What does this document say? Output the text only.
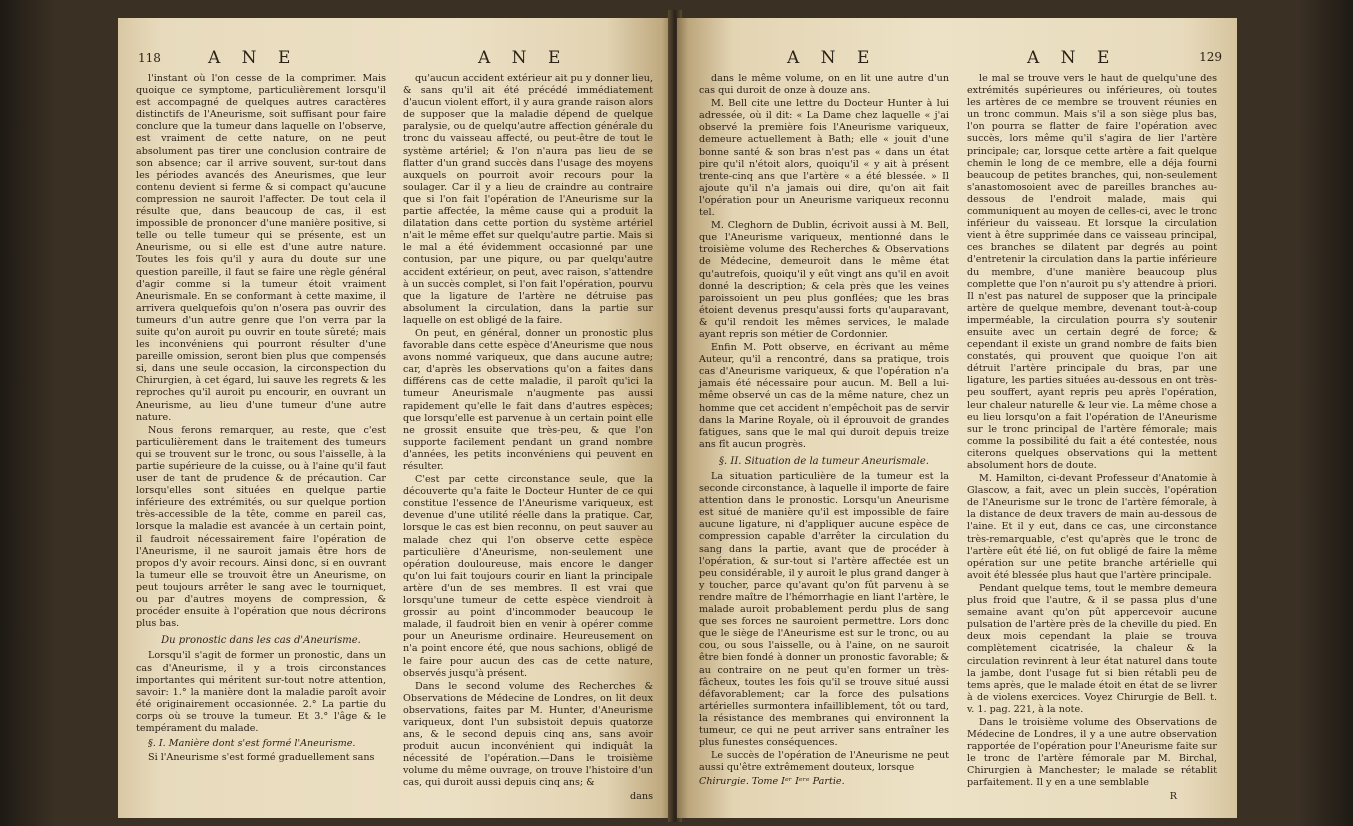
118	A N E	A N E

l'instant où l'on cesse de la comprimer. Mais quoique ce symptome, particulièrement lorsqu'il est accompagné de quelques autres caractères distinctifs de l'Aneurisme, soit suffisant pour faire conclure que la tumeur dans laquelle on l'observe, est vraiment de cette nature, on ne peut absolument pas tirer une conclusion contraire de son absence; car il arrive souvent, sur-tout dans les périodes avancés des Aneurismes, que leur contenu devient si ferme & si compact qu'aucune compression ne sauroit l'affecter. De tout cela il résulte que, dans beaucoup de cas, il est impossible de prononcer d'une manière positive, si telle ou telle tumeur qui se présente, est un Aneurisme, ou si elle est d'une autre nature. Toutes les fois qu'il y aura du doute sur une question pareille, il faut se faire une règle général d'agir comme si la tumeur étoit vraiment Aneurismale. En se conformant à cette maxime, il arrivera quelquefois qu'on n'osera pas ouvrir des tumeurs d'un autre genre que l'on verra par la suite qu'on auroit pu ouvrir en toute sûreté; mais les inconvéniens qui pourront résulter d'une pareille omission, seront bien plus que compensés si, dans une seule occasion, la circonspection du Chirurgien, à cet égard, lui sauve les regrets & les reproches qu'il auroit pu encourir, en ouvrant un Aneurisme, au lieu d'une tumeur d'une autre nature.

Nous ferons remarquer, au reste, que c'est particulièrement dans le traitement des tumeurs qui se trouvent sur le tronc, ou sous l'aisselle, à la partie supérieure de la cuisse, ou à l'aine qu'il faut user de tant de prudence & de précaution. Car lorsqu'elles sont situées en quelque partie inférieure des extrémités, ou sur quelque portion très-accessible de la tête, comme en pareil cas, lorsque la maladie est avancée à un certain point, il faudroit nécessairement faire l'opération de l'Aneurisme, il ne sauroit jamais être hors de propos d'y avoir recours. Ainsi donc, si en ouvrant la tumeur elle se trouvoit être un Aneurisme, on peut toujours arrêter le sang avec le tourniquet, ou par d'autres moyens de compression, & procéder ensuite à l'opération que nous décrirons plus bas.

Du pronostic dans les cas d'Aneurisme.

Lorsqu'il s'agit de former un pronostic, dans un cas d'Aneurisme, il y a trois circonstances importantes qui méritent sur-tout notre attention, savoir: 1.° la manière dont la maladie paroît avoir été originairement occasionnée. 2.° La partie du corps où se trouve la tumeur. Et 3.° l'âge & le tempérament du malade.

§. I. Manière dont s'est formé l'Aneurisme.

Si l'Aneurisme s'est formé graduellement sans

qu'aucun accident extérieur ait pu y donner lieu, & sans qu'il ait été précédé immédiatement d'aucun violent effort, il y aura grande raison alors de supposer que la maladie dépend de quelque paralysie, ou de quelqu'autre affection générale du tronc du vaisseau affecté, ou peut-être de tout le système artériel; & l'on n'aura pas lieu de se flatter d'un grand succès dans l'usage des moyens auxquels on pourroit avoir recours pour la soulager. Car il y a lieu de craindre au contraire que si l'on fait l'opération de l'Aneurisme sur la partie affectée, la même cause qui a produit la dilatation dans cette portion du système artériel n'ait le même effet sur quelqu'autre partie. Mais si le mal a été évidemment occasionné par une contusion, par une piqure, ou par quelqu'autre accident extérieur, on peut, avec raison, s'attendre à un succès complet, si l'on fait l'opération, pourvu que la ligature de l'artère ne détruise pas absolument la circulation, dans la partie sur laquelle on est obligé de la faire.

On peut, en général, donner un pronostic plus favorable dans cette espèce d'Aneurisme que nous avons nommé variqueux, que dans aucune autre; car, d'après les observations qu'on a faites dans différens cas de cette maladie, il paroît qu'ici la tumeur Aneurismale n'augmente pas aussi rapidement qu'elle le fait dans d'autres espèces; que lorsqu'elle est parvenue à un certain point elle ne grossit ensuite que très-peu, & que l'on supporte facilement pendant un grand nombre d'années, les petits inconvéniens qui peuvent en résulter.

C'est par cette circonstance seule, que la découverte qu'a faite le Docteur Hunter de ce qui constitue l'essence de l'Aneurisme variqueux, est devenue d'une utilité réelle dans la pratique. Car, lorsque le cas est bien reconnu, on peut sauver au malade chez qui l'on observe cette espèce particulière d'Aneurisme, non-seulement une opération douloureuse, mais encore le danger qu'on lui fait toujours courir en liant la principale artère d'un de ses membres. Il est vrai que lorsqu'une tumeur de cette espèce viendroit à grossir au point d'incommoder beaucoup le malade, il faudroit bien en venir à opérer comme pour un Aneurisme ordinaire. Heureusement on n'a point encore été, que nous sachions, obligé de le faire pour aucun des cas de cette nature, observés jusqu'à présent.

Dans le second volume des Recherches & Observations de Médecine de Londres, on lit deux observations, faites par M. Hunter, d'Aneurisme variqueux, dont l'un subsistoit depuis quatorze ans, & le second depuis cinq ans, sans avoir produit aucun inconvénient qui indiquât la nécessité de l'opération.—Dans le troisième volume du même ouvrage, on trouve l'histoire d'un cas, qui duroit aussi depuis cinq ans; &

dans
A N E	A N E	129

dans le même volume, on en lit une autre d'un cas qui duroit de onze à douze ans.

M. Bell cite une lettre du Docteur Hunter à lui adressée, où il dit: « La Dame chez laquelle « j'ai observé la première fois l'Aneurisme variqueux, demeure actuellement à Bath; elle « jouit d'une bonne santé & son bras n'est pas « dans un état pire qu'il n'étoit alors, quoiqu'il « y ait à présent trente-cinq ans que l'artère « a été blessée. » Il ajoute qu'il n'a jamais oui dire, qu'on ait fait l'opération pour un Aneurisme variqueux reconnu tel.

M. Cleghorn de Dublin, écrivoit aussi à M. Bell, que l'Aneurisme variqueux, mentionné dans le troisième volume des Recherches & Observations de Médecine, demeuroit dans le même état qu'autrefois, quoiqu'il y eût vingt ans qu'il en avoit donné la description; & cela près que les veines paroissoient un peu plus gonflées; que les bras étoient devenus presqu'aussi forts qu'auparavant, & qu'il rendoit les mêmes services, le malade ayant repris son métier de Cordonnier.

Enfin M. Pott observe, en écrivant au même Auteur, qu'il a rencontré, dans sa pratique, trois cas d'Aneurisme variqueux, & que l'opération n'a jamais été nécessaire pour aucun. M. Bell a lui-même observé un cas de la même nature, chez un homme que cet accident n'empêchoit pas de servir dans la Marine Royale, où il éprouvoit de grandes fatigues, sans que le mal qui duroit depuis treize ans fît aucun progrès.

§. II. Situation de la tumeur Aneurismale.

La situation particulière de la tumeur est la seconde circonstance, à laquelle il importe de faire attention dans le pronostic. Lorsqu'un Aneurisme est situé de manière qu'il est impossible de faire aucune ligature, ni d'appliquer aucune espèce de compression capable d'arrêter la circulation du sang dans la partie, avant que de procéder à l'opération, & sur-tout si l'artère affectée est un peu considérable, il y auroit le plus grand danger à y toucher, parce qu'avant qu'on fût parvenu à se rendre maître de l'hémorrhagie en liant l'artère, le malade auroit probablement perdu plus de sang que ses forces ne sauroient permettre. Lors donc que le siège de l'Aneurisme est sur le tronc, ou au cou, ou sous l'aisselle, ou à l'aine, on ne sauroit être bien fondé à donner un pronostic favorable; & au contraire on ne peut qu'en former un très-fâcheux, toutes les fois qu'il se trouve situé aussi défavorablement; car la force des pulsations artérielles surmontera infailliblement, tôt ou tard, la résistance des membranes qui environnent la tumeur, ce qui ne peut arriver sans entraîner les plus funestes conséquences.

Le succès de l'opération de l'Aneurisme ne peut aussi qu'être extrêmement douteux, lorsque

Chirurgie. Tome Iᵉʳ Iᵉʳᵉ Partie.

le mal se trouve vers le haut de quelqu'une des extrémités supérieures ou inférieures, où toutes les artères de ce membre se trouvent réunies en un tronc commun. Mais s'il a son siège plus bas, l'on pourra se flatter de faire l'opération avec succès, lors même qu'il s'agira de lier l'artère principale; car, lorsque cette artère a fait quelque chemin le long de ce membre, elle a déja fourni beaucoup de petites branches, qui, non-seulement s'anastomosoient avec de pareilles branches au-dessous de l'endroit malade, mais qui communiquent au moyen de celles-ci, avec le tronc inférieur du vaisseau. Et lorsque la circulation vient à être supprimée dans ce vaisseau principal, ces branches se dilatent par degrés au point d'entretenir la circulation dans la partie inférieure du membre, d'une manière beaucoup plus complette que l'on n'auroit pu s'y attendre à priori. Il n'est pas naturel de supposer que la principale artère de quelque membre, devenant tout-à-coup imperméable, la circulation pourra s'y soutenir ensuite avec un certain degré de force; & cependant il existe un grand nombre de faits bien constatés, qui prouvent que quoique l'on ait détruit l'artère principale du bras, par une ligature, les parties situées au-dessous en ont très-peu souffert, ayant repris peu après l'opération, leur chaleur naturelle & leur vie. La même chose a eu lieu lorsqu'on a fait l'opération de l'Aneurisme sur le tronc principal de l'artère fémorale; mais comme la possibilité du fait a été contestée, nous citerons quelques observations qui la mettent absolument hors de doute.

M. Hamilton, ci-devant Professeur d'Anatomie à Glascow, a fait, avec un plein succès, l'opération de l'Aneurisme sur le tronc de l'artère fémorale, à la distance de deux travers de main au-dessous de l'aine. Et il y eut, dans ce cas, une circonstance très-remarquable, c'est qu'après que le tronc de l'artère eût été lié, on fut obligé de faire la même opération sur une petite branche artérielle qui avoit été blessée plus haut que l'artère principale.

Pendant quelque tems, tout le membre demeura plus froid que l'autre, & il se passa plus d'une semaine avant qu'on pût appercevoir aucune pulsation de l'artère près de la cheville du pied. En deux mois cependant la plaie se trouva complètement cicatrisée, la chaleur & la circulation revinrent à leur état naturel dans toute la jambe, dont l'usage fut si bien rétabli peu de tems après, que le malade étoit en état de se livrer à de violens exercices. Voyez Chirurgie de Bell. t. v. 1. pag. 221, à la note.

Dans le troisième volume des Observations de Médecine de Londres, il y a une autre observation rapportée de l'opération pour l'Aneurisme faite sur le tronc de l'artère fémorale par M. Birchal, Chirurgien à Manchester; le malade se rétablit parfaitement. Il y en a une semblable

R
